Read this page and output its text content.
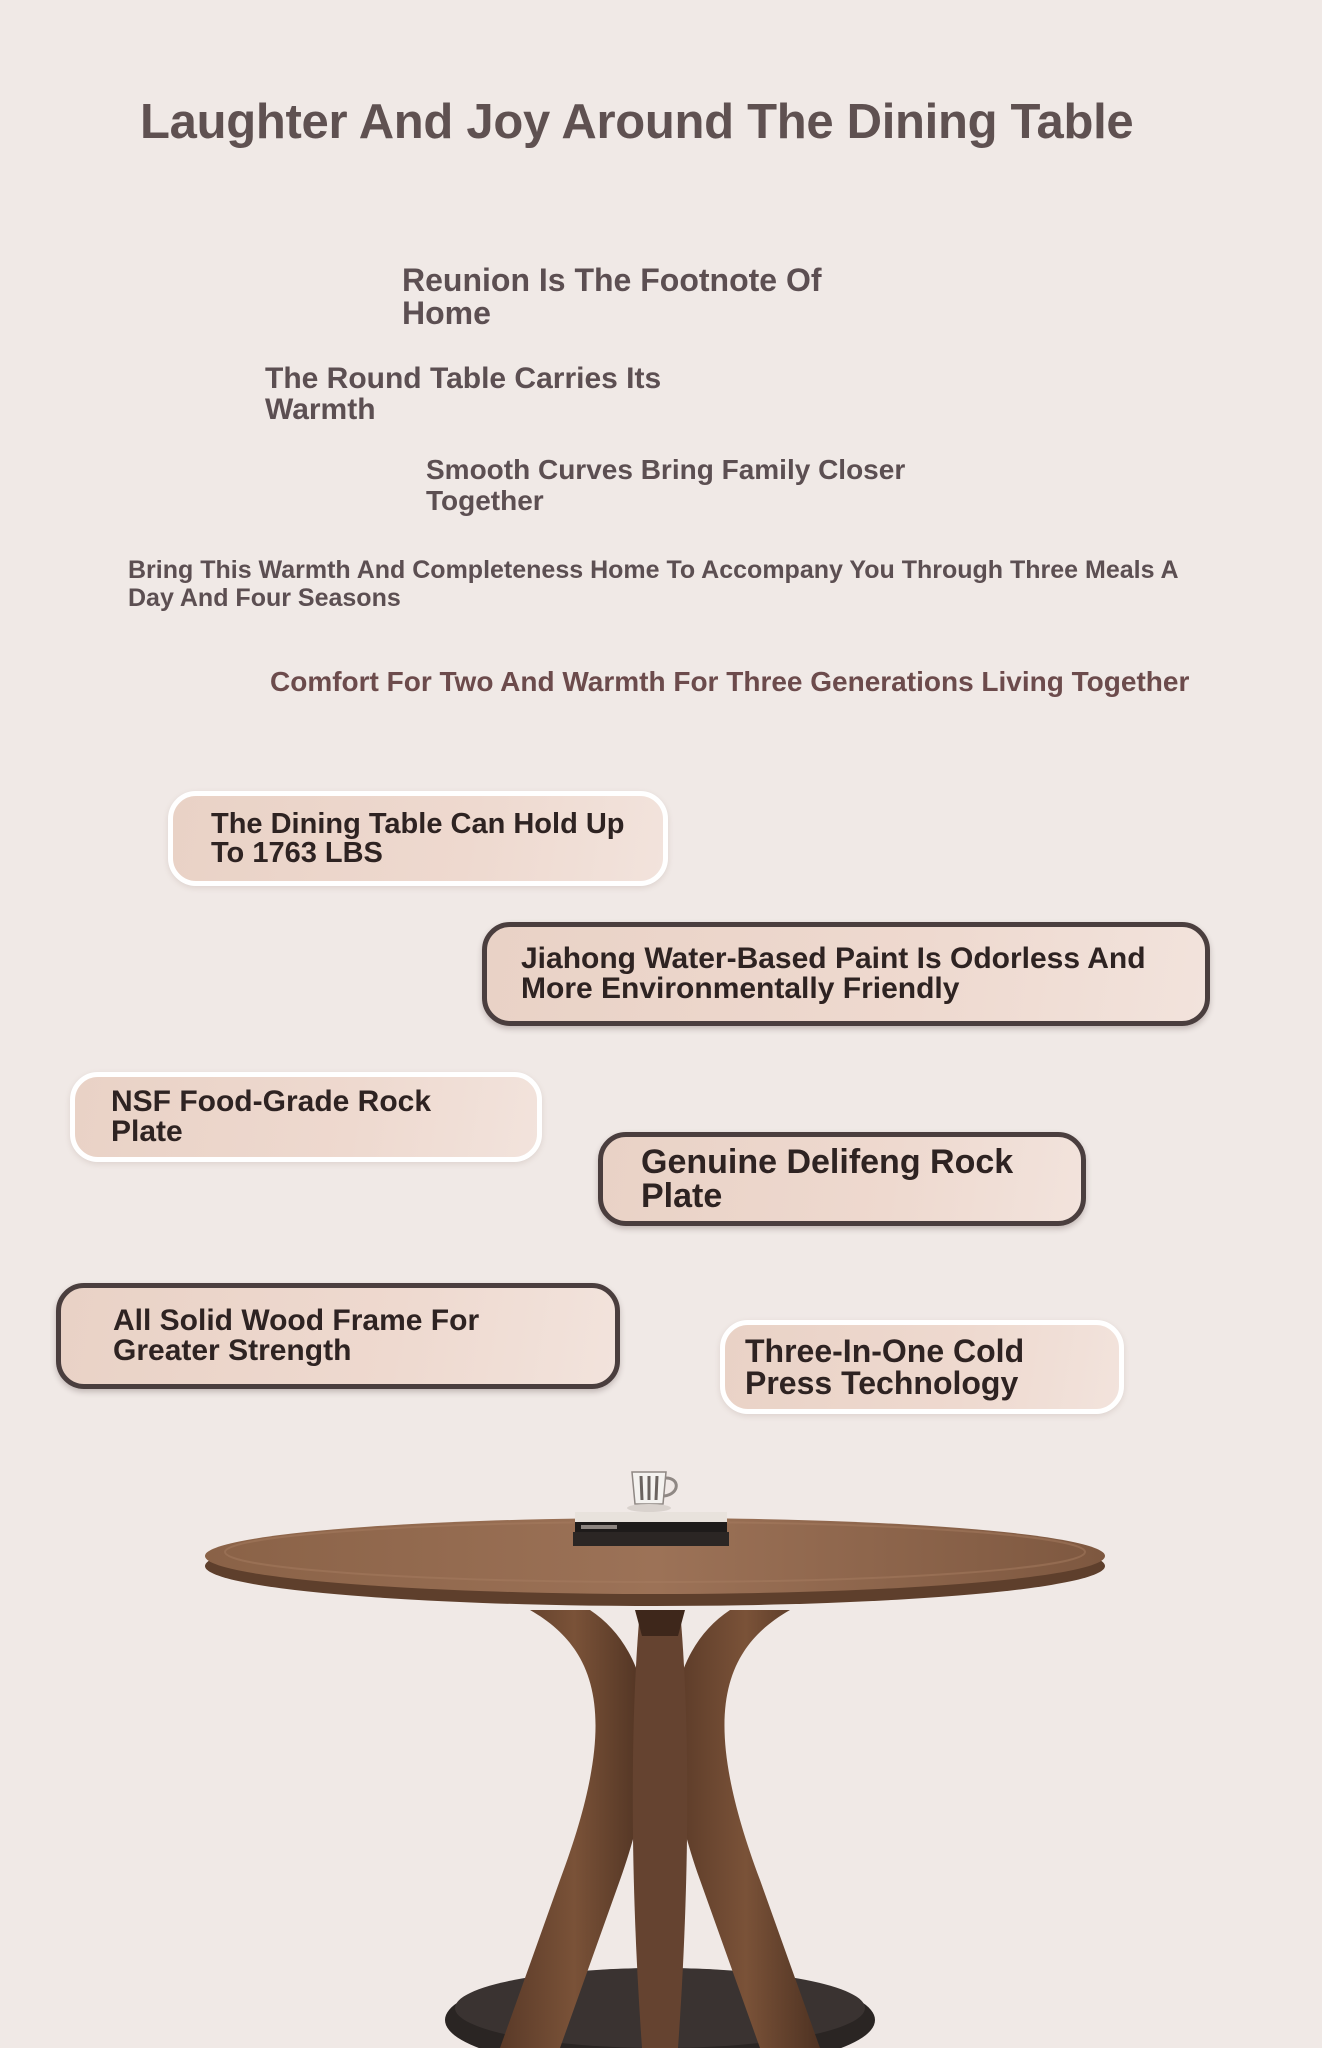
Laughter And Joy Around The Dining Table

Reunion Is The Footnote Of Home

The Round Table Carries Its Warmth

Smooth Curves Bring Family Closer Together

Bring This Warmth And Completeness Home To Accompany You Through Three Meals A Day And Four Seasons

Comfort For Two And Warmth For Three Generations Living Together

The Dining Table Can Hold Up To 1763 LBS
Jiahong Water-Based Paint Is Odorless And More Environmentally Friendly
NSF Food-Grade Rock Plate
Genuine Delifeng Rock Plate
All Solid Wood Frame For Greater Strength	Three-In-One Cold Press Technology
